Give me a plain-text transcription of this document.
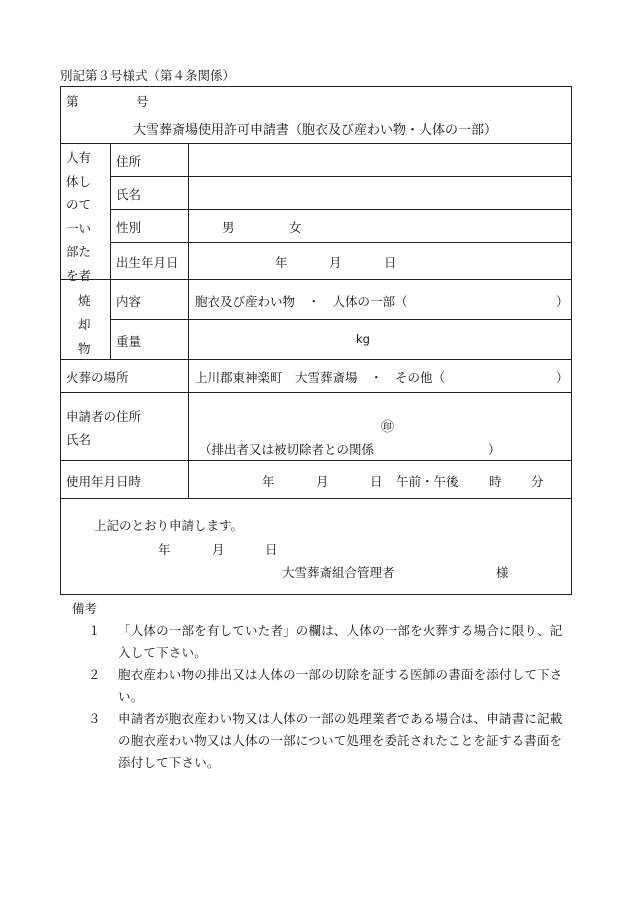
別記第３号様式（第４条関係）
第	号
大雪葬斎場使用許可申請書（胞衣及び産わい物・人体の一部）
人有
体し
のて
一い
部た
を者
住所
氏名
性別	男	女
出生年月日	年	月	日
焼
却
物
内容	胞衣及び産わい物　・　人体の一部（	）
重量	kg
火葬の場所	上川郡東神楽町　大雪葬斎場　・　その他（	）
申請者の住所
氏名
㊞
（排出者又は被切除者との関係	）
使用年月日時	年	月	日 午前・午後 時 分
上記のとおり申請します。
年	月	日
大雪葬斎組合管理者	様
備考
１ 「人体の一部を有していた者」の欄は、人体の一部を火葬する場合に限り、記入して下さい。
２ 胞衣産わい物の排出又は人体の一部の切除を証する医師の書面を添付して下さい。
３ 申請者が胞衣産わい物又は人体の一部の処理業者である場合は、申請書に記載の胞衣産わい物又は人体の一部について処理を委託されたことを証する書面を添付して下さい。
